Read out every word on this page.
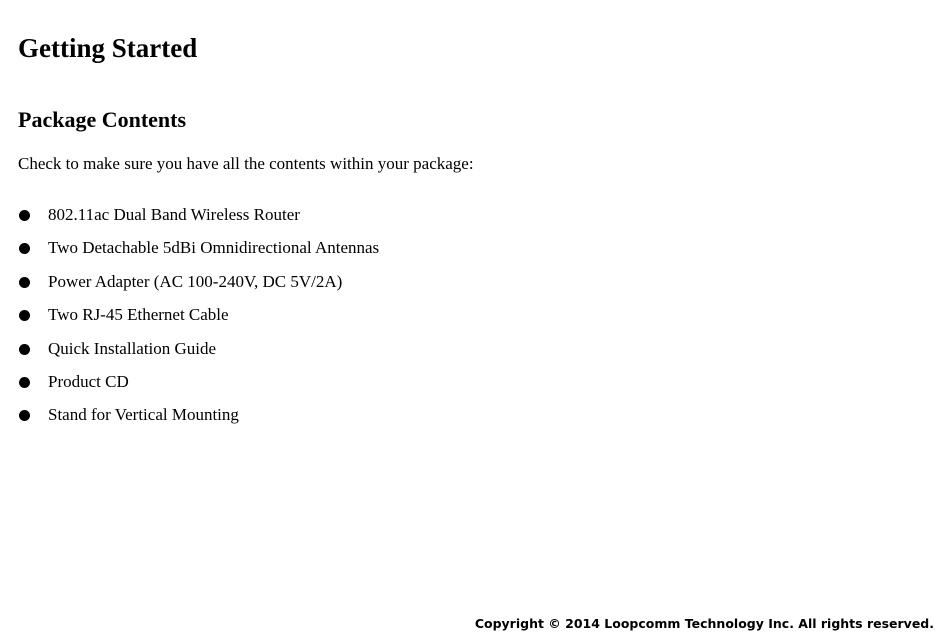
Getting Started
Package Contents

Check to make sure you have all the contents within your package:

802.11ac Dual Band Wireless Router
Two Detachable 5dBi Omnidirectional Antennas
Power Adapter (AC 100-240V, DC 5V/2A)
Two RJ-45 Ethernet Cable
Quick Installation Guide
Product CD
Stand for Vertical Mounting

Copyright © 2014 Loopcomm Technology Inc. All rights reserved.
